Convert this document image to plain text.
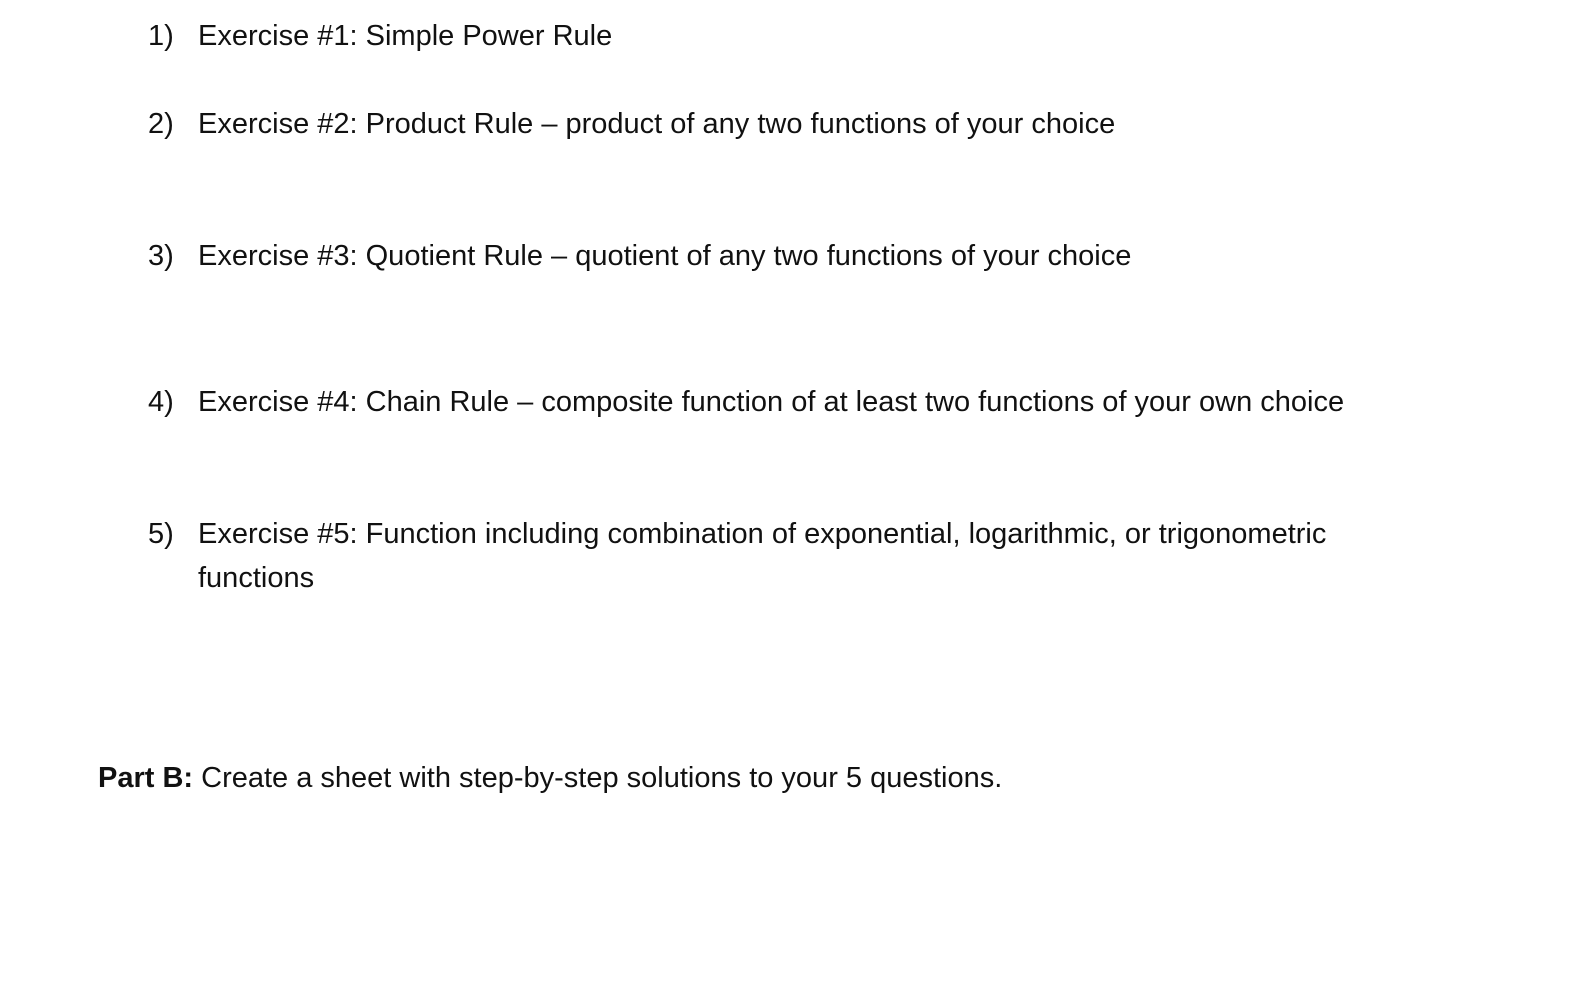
1) Exercise #1: Simple Power Rule
2) Exercise #2: Product Rule – product of any two functions of your choice
3) Exercise #3: Quotient Rule – quotient of any two functions of your choice
4) Exercise #4: Chain Rule – composite function of at least two functions of your own choice
5) Exercise #5: Function including combination of exponential, logarithmic, or trigonometric functions
Part B: Create a sheet with step-by-step solutions to your 5 questions.
